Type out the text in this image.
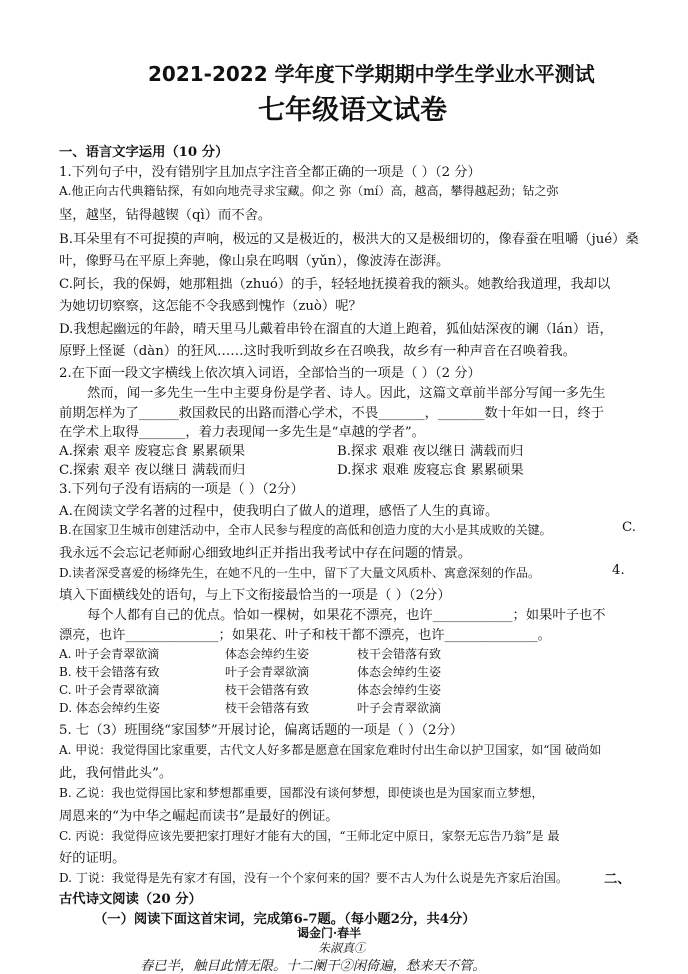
2021-2022 学年度下学期期中学生学业水平测试
七年级语文试卷
一、语言文字运用（10 分）
1.下列句子中，没有错别字且加点字注音全都正确的一项是（ ）（2 分）
A.他正向古代典籍钻探，有如向地壳寻求宝藏。仰之 弥（mí）高，越高，攀得越起劲；钻之弥
坚，越坚，钻得越锲（qì）而不舍。
B.耳朵里有不可捉摸的声响，极远的又是极近的，极洪大的又是极细切的，像春蚕在咀嚼（jué）桑
叶，像野马在平原上奔驰，像山泉在呜咽（yǔn），像波涛在澎湃。
C.阿长，我的保姆，她那粗拙（zhuó）的手，轻轻地抚摸着我的额头。她教给我道理，我却以
为她切切察察，这怎能不令我感到愧怍（zuò）呢？
D.我想起幽远的年龄，晴天里马儿戴着串铃在溜直的大道上跑着，狐仙姑深夜的谰（lán）语，
原野上怪诞（dàn）的狂风……这时我听到故乡在召唤我，故乡有一种声音在召唤着我。
2.在下面一段文字横线上依次填入词语，全部恰当的一项是（ ）（2 分）
然而，闻一多先生一生中主要身份是学者、诗人。因此，这篇文章前半部分写闻一多先生
前期怎样为了______救国救民的出路而潜心学术，不畏_______，_______数十年如一日，终于
在学术上取得_______，着力表现闻一多先生是“卓越的学者”。
A.探索 艰辛 废寝忘食 累累硕果	B.探求 艰难 夜以继日 满载而归
C.探索 艰辛 夜以继日 满载而归	D.探求 艰难 废寝忘食 累累硕果
3.下列句子没有语病的一项是（ ）（2分）
A.在阅读文学名著的过程中，使我明白了做人的道理，感悟了人生的真谛。
B.在国家卫生城市创建活动中，全市人民参与程度的高低和创造力度的大小是其成败的关键。	C.
我永远不会忘记老师耐心细致地纠正并指出我考试中存在问题的情景。
D.读者深受喜爱的杨绛先生，在她不凡的一生中，留下了大量文风质朴、寓意深刻的作品。	4.
填入下面横线处的语句，与上下文衔接最恰当的一项是（ ）（2分）
每个人都有自己的优点。恰如一棵树，如果花不漂亮，也许____________；如果叶子也不
漂亮，也许______________；如果花、叶子和枝干都不漂亮，也许______________。
A. 叶子会青翠欲滴	体态会绰约生姿	枝干会错落有致
B. 枝干会错落有致	叶子会青翠欲滴	体态会绰约生姿
C. 叶子会青翠欲滴	枝干会错落有致	体态会绰约生姿
D. 体态会绰约生姿	枝干会错落有致	叶子会青翠欲滴
5. 七（3）班围绕“家国梦”开展讨论，偏离话题的一项是（ ）（2分）
A. 甲说：我觉得国比家重要，古代文人好多都是愿意在国家危难时付出生命以护卫国家，如“国 破尚如
此，我何惜此头”。
B. 乙说：我也觉得国比家和梦想都重要，国都没有谈何梦想，即使谈也是为国家而立梦想，
周恩来的“为中华之崛起而读书”是最好的例证。
C. 丙说：我觉得应该先要把家打理好才能有大的国，“王师北定中原日，家祭无忘告乃翁”是 最
好的证明。
D. 丁说：我觉得是先有家才有国，没有一个个家何来的国？要不古人为什么说是先齐家后治国。	二、
古代诗文阅读（20 分）
（一）阅读下面这首宋词，完成第6-7题。（每小题2分，共4分）
谒金门·春半
朱淑真①
春已半，触目此情无限。十二阑干②闲倚遍，愁来天不管。
